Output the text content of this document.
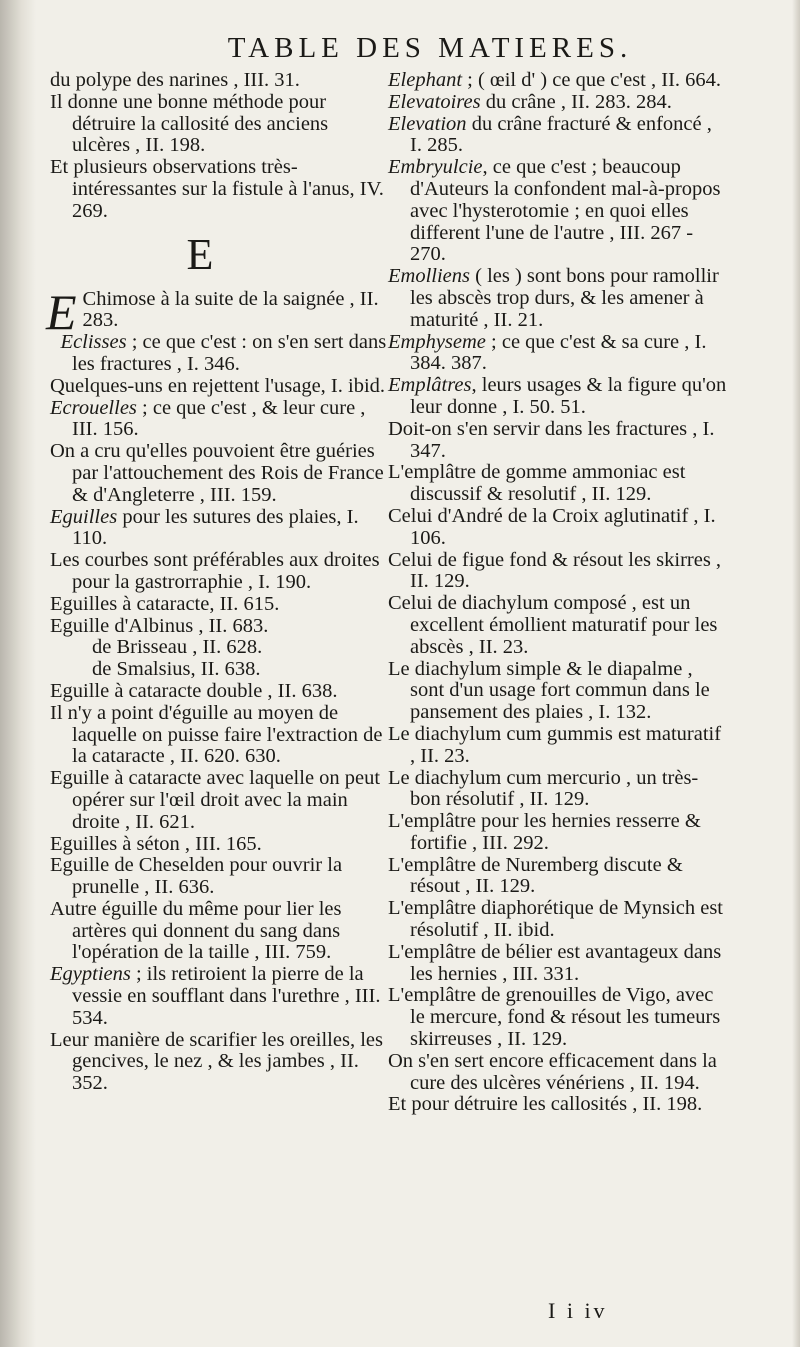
TABLE DES MATIERES.

du polype des narines , III. 31.

Il donne une bonne méthode pour détruire la callosité des anciens ulcères , II. 198.

Et plusieurs observations très-intéressantes sur la fistule à l'anus, IV. 269.

E

E Chimose à la suite de la saignée , II. 283.

Eclisses ; ce que c'est : on s'en sert dans les fractures , I. 346.

Quelques-uns en rejettent l'usage, I. ibid.

Ecrouelles ; ce que c'est , & leur cure , III. 156.

On a cru qu'elles pouvoient être guéries par l'attouchement des Rois de France & d'Angleterre , III. 159.

Eguilles pour les sutures des plaies, I. 110.

Les courbes sont préférables aux droites pour la gastrorraphie , I. 190.

Eguilles à cataracte, II. 615.

Eguille d'Albinus , II. 683.

de Brisseau , II. 628.

de Smalsius, II. 638.

Eguille à cataracte double , II. 638.

Il n'y a point d'éguille au moyen de laquelle on puisse faire l'extraction de la cataracte , II. 620. 630.

Eguille à cataracte avec laquelle on peut opérer sur l'œil droit avec la main droite , II. 621.

Eguilles à séton , III. 165.

Eguille de Cheselden pour ouvrir la prunelle , II. 636.

Autre éguille du même pour lier les artères qui donnent du sang dans l'opération de la taille , III. 759.

Egyptiens ; ils retiroient la pierre de la vessie en soufflant dans l'urethre , III. 534.

Leur manière de scarifier les oreilles, les gencives, le nez , & les jambes , II. 352.

Elephant ; ( œil d' ) ce que c'est , II. 664.

Elevatoires du crâne , II. 283. 284.

Elevation du crâne fracturé & enfoncé , I. 285.

Embryulcie, ce que c'est ; beaucoup d'Auteurs la confondent mal-à-propos avec l'hysterotomie ; en quoi elles different l'une de l'autre , III. 267 - 270.

Emolliens ( les ) sont bons pour ramollir les abscès trop durs, & les amener à maturité , II. 21.

Emphyseme ; ce que c'est & sa cure , I. 384. 387.

Emplâtres, leurs usages & la figure qu'on leur donne , I. 50. 51.

Doit-on s'en servir dans les fractures , I. 347.

L'emplâtre de gomme ammoniac est discussif & resolutif , II. 129.

Celui d'André de la Croix aglutinatif , I. 106.

Celui de figue fond & résout les skirres , II. 129.

Celui de diachylum composé , est un excellent émollient maturatif pour les abscès , II. 23.

Le diachylum simple & le diapalme , sont d'un usage fort commun dans le pansement des plaies , I. 132.

Le diachylum cum gummis est maturatif , II. 23.

Le diachylum cum mercurio , un très-bon résolutif , II. 129.

L'emplâtre pour les hernies resserre & fortifie , III. 292.

L'emplâtre de Nuremberg discute & résout , II. 129.

L'emplâtre diaphorétique de Mynsich est résolutif , II. ibid.

L'emplâtre de bélier est avantageux dans les hernies , III. 331.

L'emplâtre de grenouilles de Vigo, avec le mercure, fond & résout les tumeurs skirreuses , II. 129.

On s'en sert encore efficacement dans la cure des ulcères vénériens , II. 194.

Et pour détruire les callosités , II. 198.

I i iv
